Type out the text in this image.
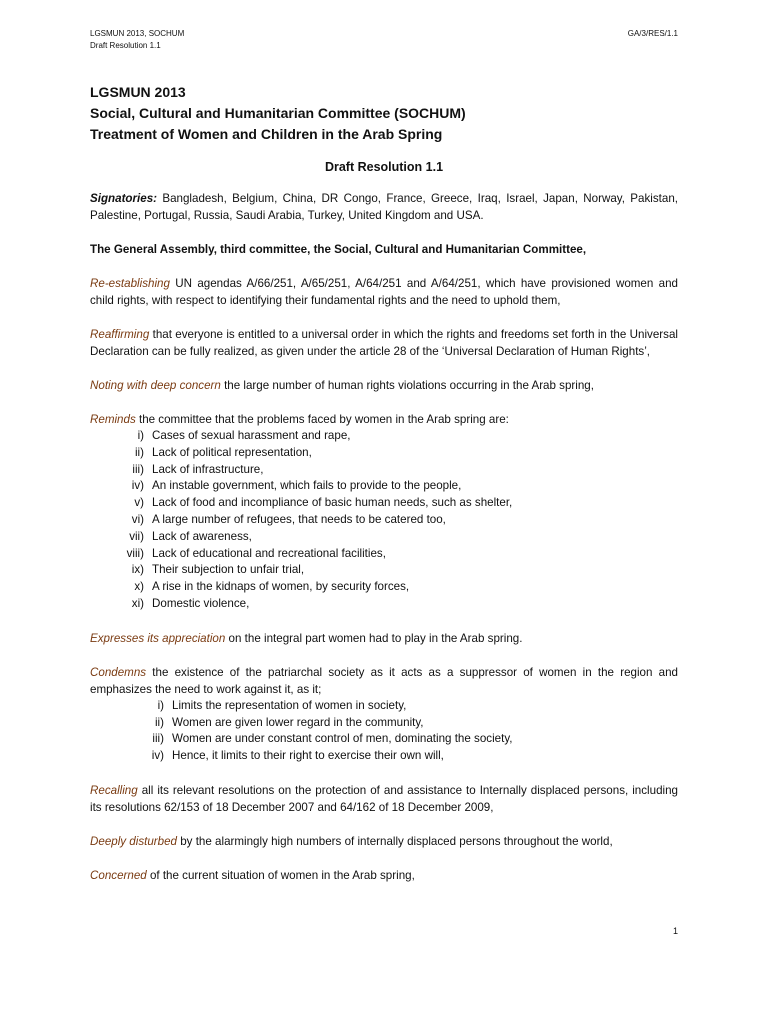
LGSMUN 2013, SOCHUM
Draft Resolution 1.1
GA/3/RES/1.1
LGSMUN 2013
Social, Cultural and Humanitarian Committee (SOCHUM)
Treatment of Women and Children in the Arab Spring
Draft Resolution 1.1

Signatories: Bangladesh, Belgium, China, DR Congo, France, Greece, Iraq, Israel, Japan, Norway, Pakistan, Palestine, Portugal, Russia, Saudi Arabia, Turkey, United Kingdom and USA.

The General Assembly, third committee, the Social, Cultural and Humanitarian Committee,

Re-establishing UN agendas A/66/251, A/65/251, A/64/251 and A/64/251, which have provisioned women and child rights, with respect to identifying their fundamental rights and the need to uphold them,

Reaffirming that everyone is entitled to a universal order in which the rights and freedoms set forth in the Universal Declaration can be fully realized, as given under the article 28 of the ‘Universal Declaration of Human Rights’,

Noting with deep concern the large number of human rights violations occurring in the Arab spring,

Reminds the committee that the problems faced by women in the Arab spring are:

i) Cases of sexual harassment and rape,
ii) Lack of political representation,
iii) Lack of infrastructure,
iv) An instable government, which fails to provide to the people,
v) Lack of food and incompliance of basic human needs, such as shelter,
vi) A large number of refugees, that needs to be catered too,
vii) Lack of awareness,
viii) Lack of educational and recreational facilities,
ix) Their subjection to unfair trial,
x) A rise in the kidnaps of women, by security forces,
xi) Domestic violence,

Expresses its appreciation on the integral part women had to play in the Arab spring.

Condemns the existence of the patriarchal society as it acts as a suppressor of women in the region and emphasizes the need to work against it, as it;

i) Limits the representation of women in society,
ii) Women are given lower regard in the community,
iii) Women are under constant control of men, dominating the society,
iv) Hence, it limits to their right to exercise their own will,

Recalling all its relevant resolutions on the protection of and assistance to Internally displaced persons, including its resolutions 62/153 of 18 December 2007 and 64/162 of 18 December 2009,

Deeply disturbed by the alarmingly high numbers of internally displaced persons throughout the world,

Concerned of the current situation of women in the Arab spring,

1
